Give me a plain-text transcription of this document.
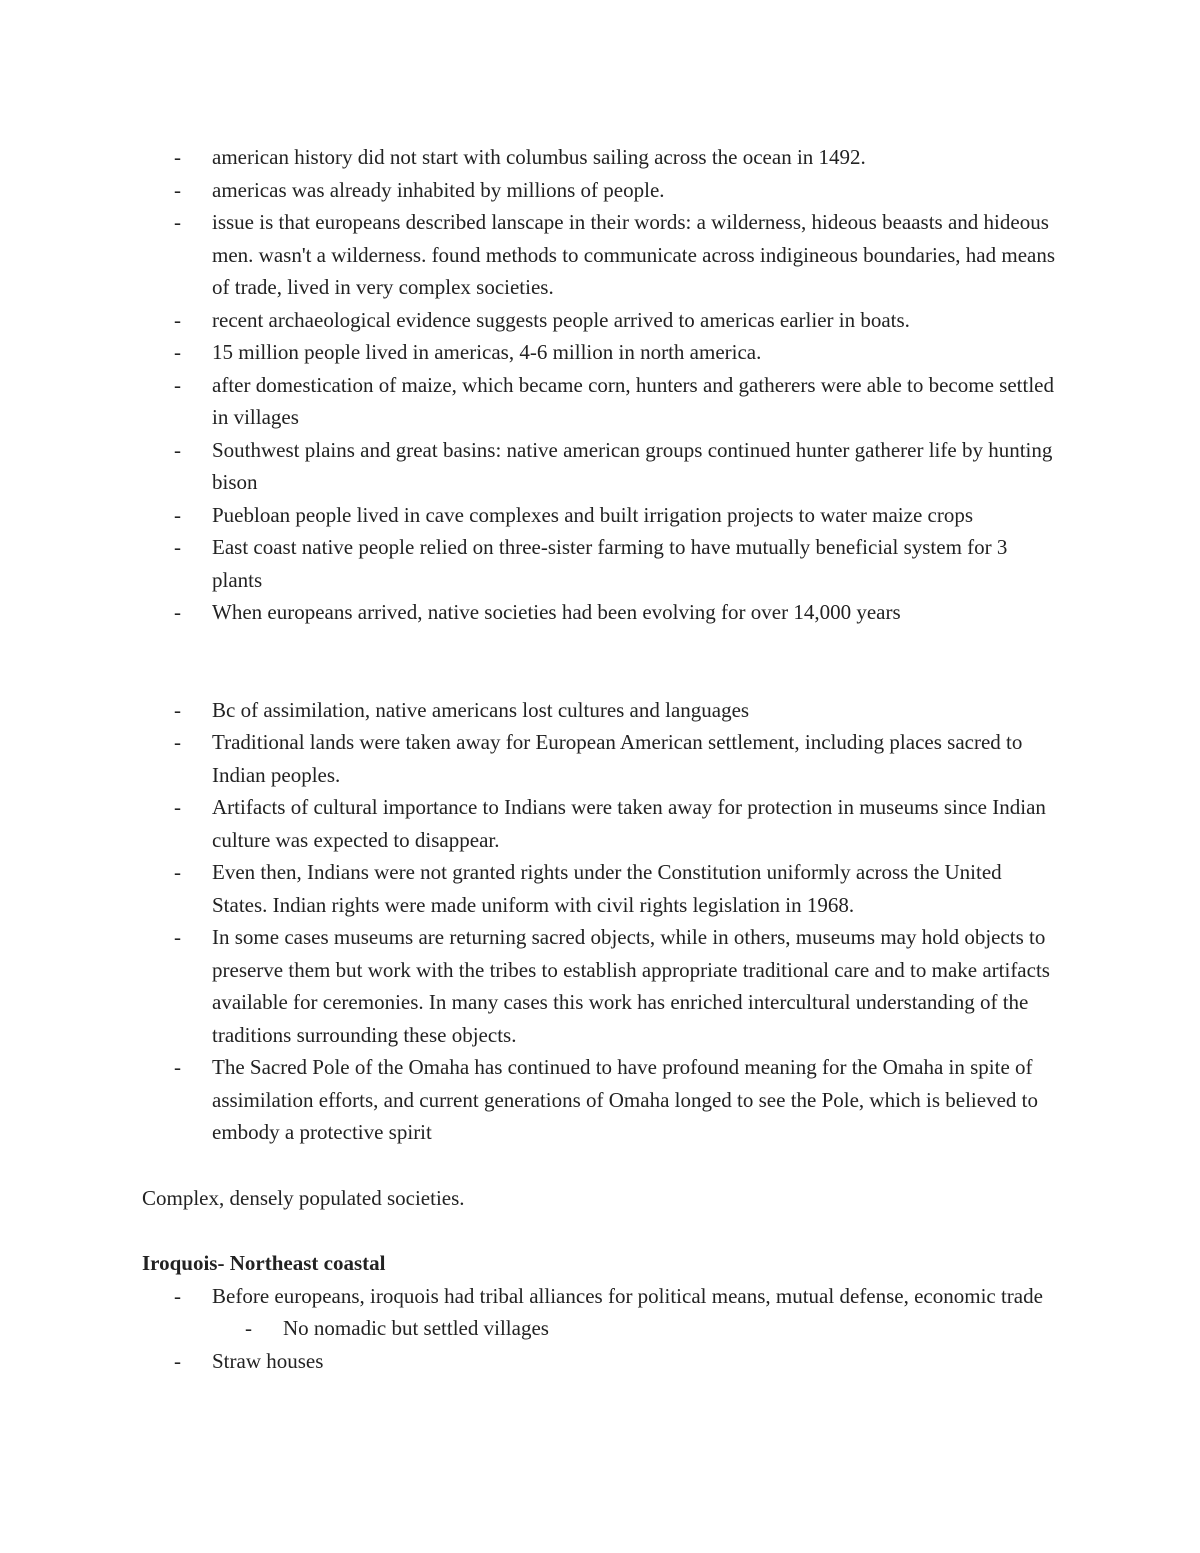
- american history did not start with columbus sailing across the ocean in 1492.
- americas was already inhabited by millions of people.
- issue is that europeans described lanscape in their words: a wilderness, hideous beaasts and hideous men. wasn't a wilderness. found methods to communicate across indigineous boundaries, had means of trade, lived in very complex societies.
- recent archaeological evidence suggests people arrived to americas earlier in boats.
- 15 million people lived in americas, 4-6 million in north america.
- after domestication of maize, which became corn, hunters and gatherers were able to become settled in villages
- Southwest plains and great basins: native american groups continued hunter gatherer life by hunting bison
- Puebloan people lived in cave complexes and built irrigation projects to water maize crops
- East coast native people relied on three-sister farming to have mutually beneficial system for 3 plants
- When europeans arrived, native societies had been evolving for over 14,000 years
- Bc of assimilation, native americans lost cultures and languages
- Traditional lands were taken away for European American settlement, including places sacred to Indian peoples.
- Artifacts of cultural importance to Indians were taken away for protection in museums since Indian culture was expected to disappear.
- Even then, Indians were not granted rights under the Constitution uniformly across the United States. Indian rights were made uniform with civil rights legislation in 1968.
- In some cases museums are returning sacred objects, while in others, museums may hold objects to preserve them but work with the tribes to establish appropriate traditional care and to make artifacts available for ceremonies. In many cases this work has enriched intercultural understanding of the traditions surrounding these objects.
- The Sacred Pole of the Omaha has continued to have profound meaning for the Omaha in spite of assimilation efforts, and current generations of Omaha longed to see the Pole, which is believed to embody a protective spirit

Complex, densely populated societies.

Iroquois- Northeast coastal
- Before europeans, iroquois had tribal alliances for political means, mutual defense, economic trade
- No nomadic but settled villages
- Straw houses
